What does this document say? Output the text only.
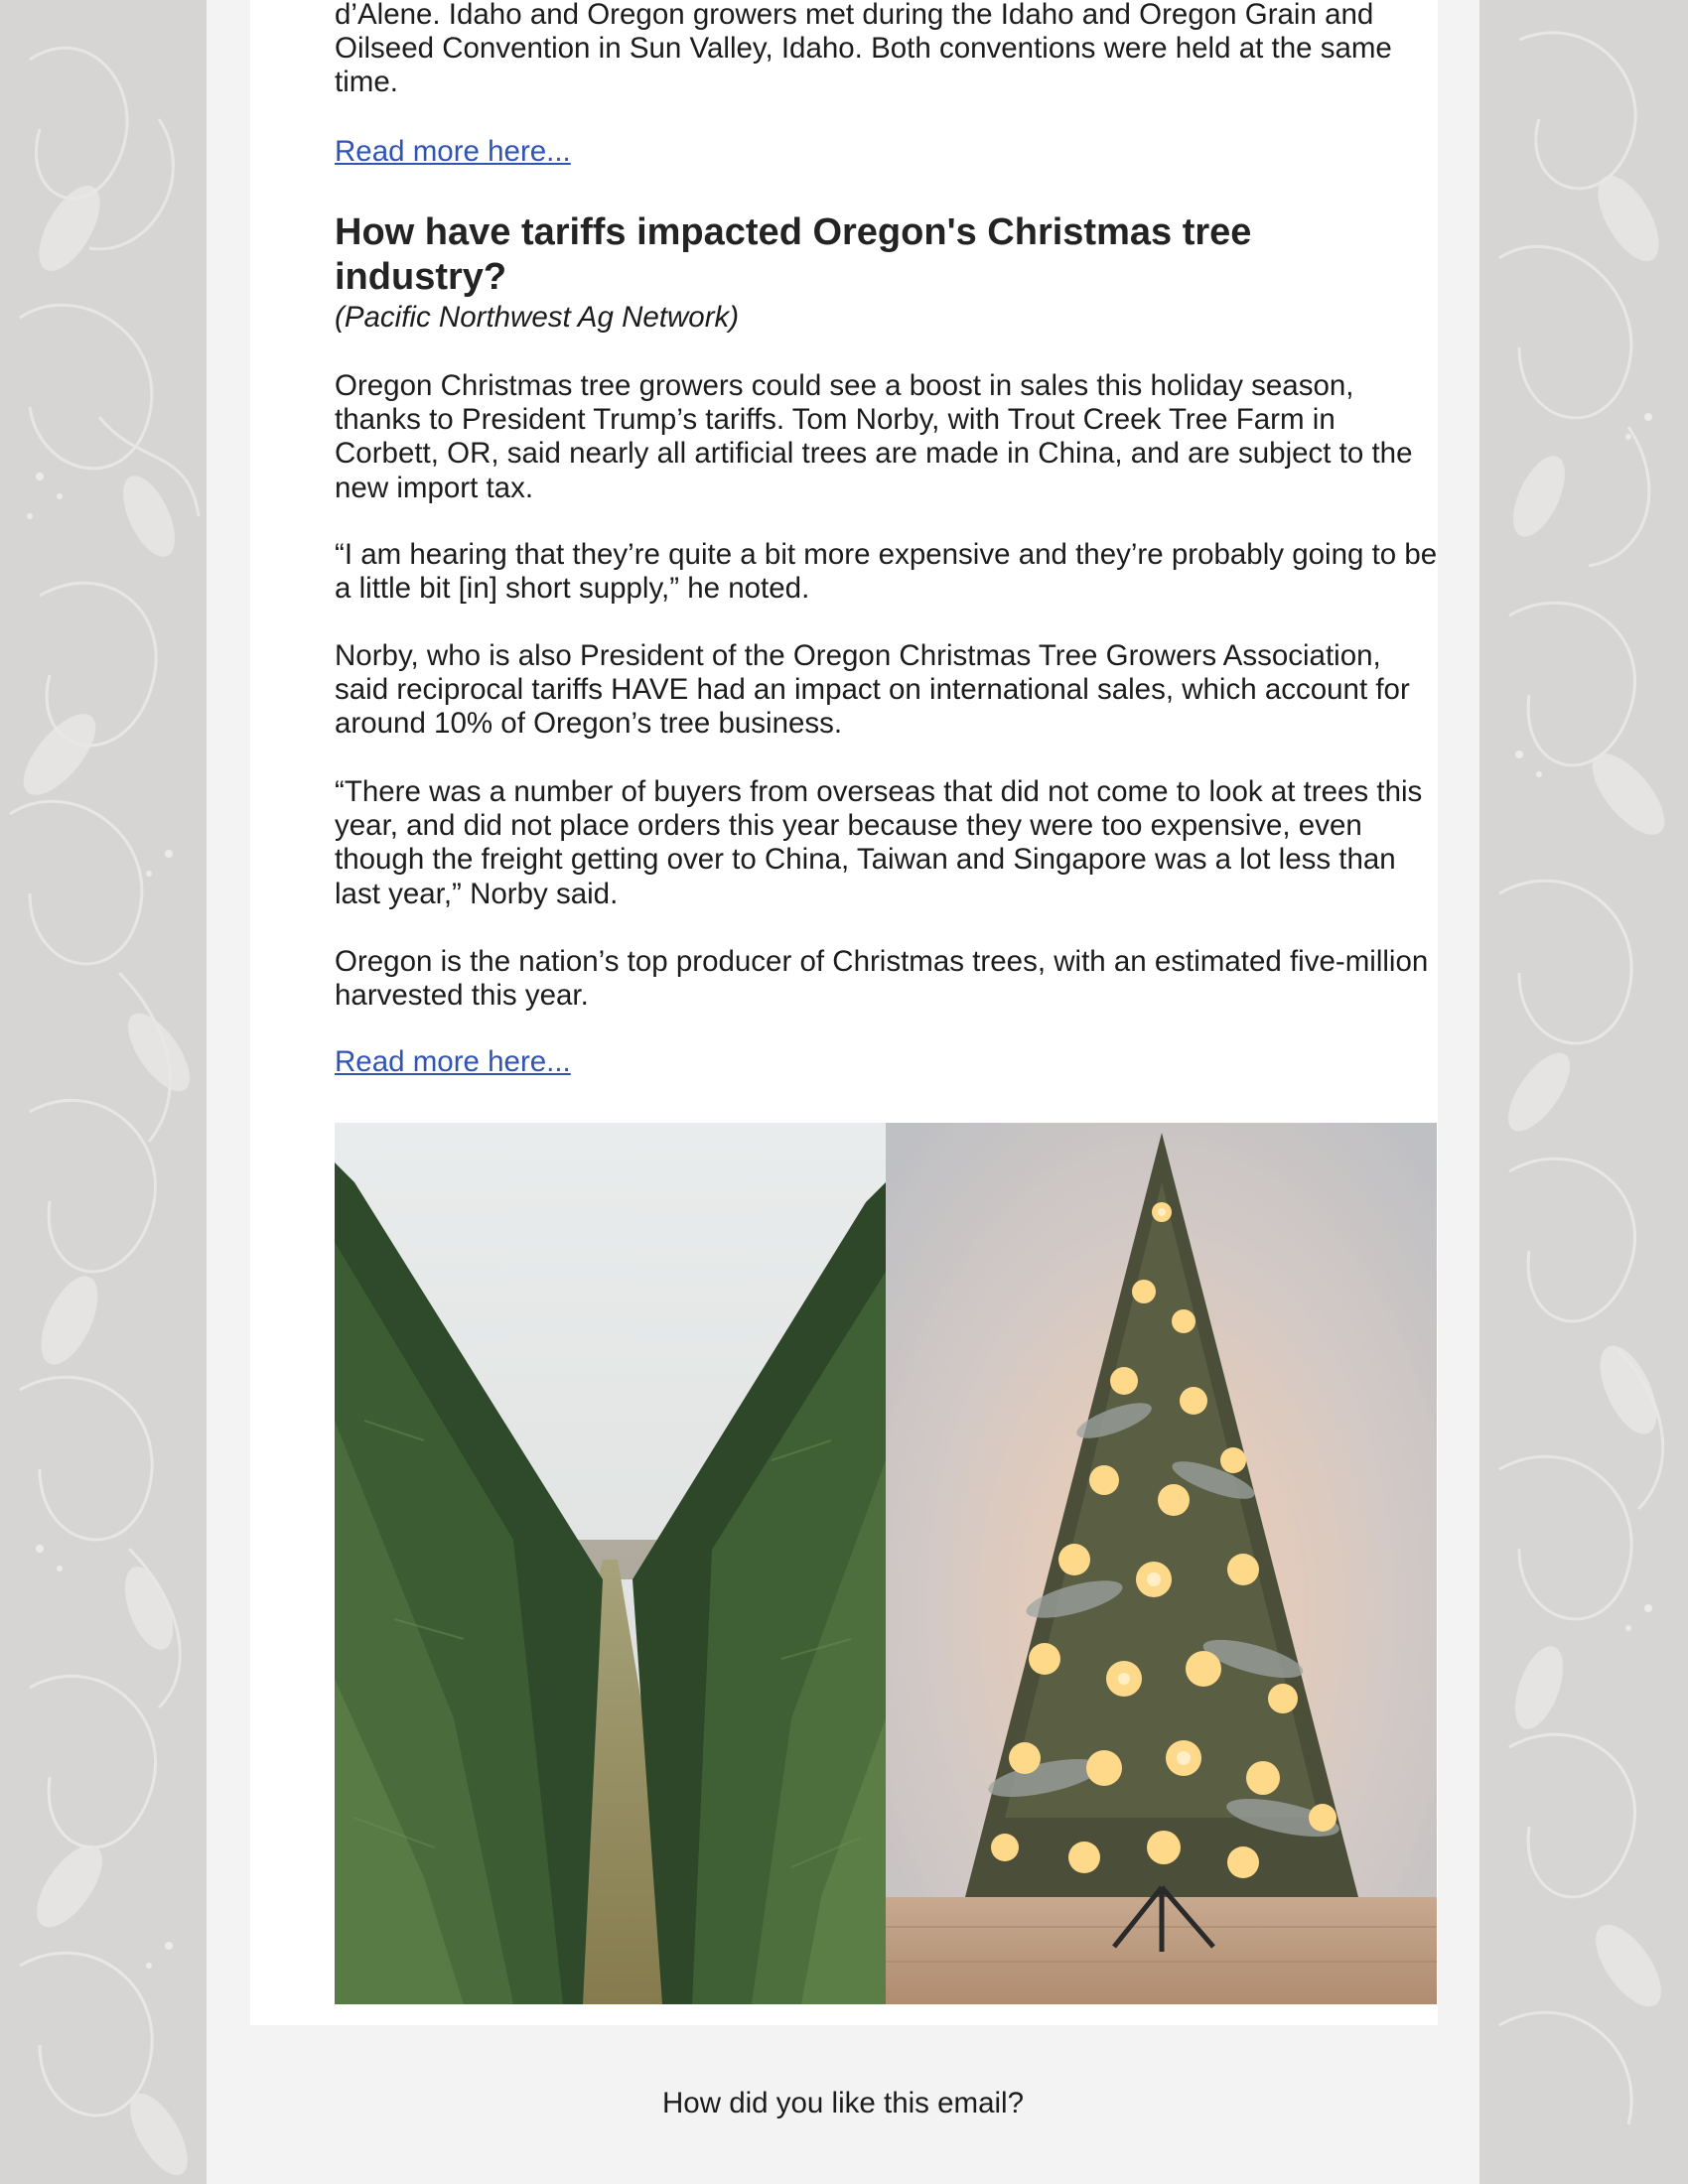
d’Alene. Idaho and Oregon growers met during the Idaho and Oregon Grain and Oilseed Convention in Sun Valley, Idaho. Both conventions were held at the same time.

Read more here...
How have tariffs impacted Oregon's Christmas tree industry?

(Pacific Northwest Ag Network)

Oregon Christmas tree growers could see a boost in sales this holiday season, thanks to President Trump’s tariffs. Tom Norby, with Trout Creek Tree Farm in Corbett, OR, said nearly all artificial trees are made in China, and are subject to the new import tax.

“I am hearing that they’re quite a bit more expensive and they’re probably going to be a little bit [in] short supply,” he noted.

Norby, who is also President of the Oregon Christmas Tree Growers Association, said reciprocal tariffs HAVE had an impact on international sales, which account for around 10% of Oregon’s tree business.

“There was a number of buyers from overseas that did not come to look at trees this year, and did not place orders this year because they were too expensive, even though the freight getting over to China, Taiwan and Singapore was a lot less than last year,” Norby said.

Oregon is the nation’s top producer of Christmas trees, with an estimated five-million harvested this year.

Read more here...
How did you like this email?
